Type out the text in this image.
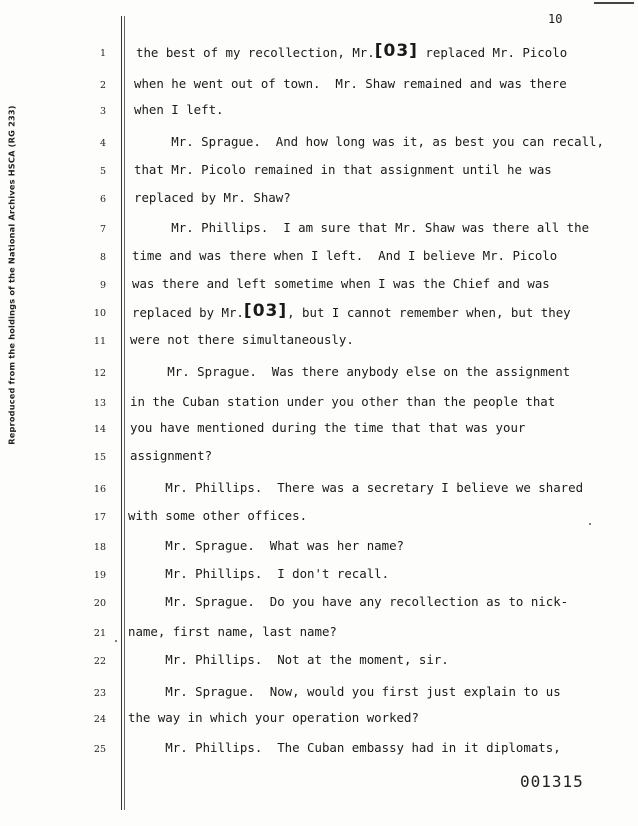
Reproduced from the holdings of the National Archives HSCA (RG 233)
10
1 the best of my recollection, Mr.[03] replaced Mr. Picolo
2 when he went out of town.  Mr. Shaw remained and was there
3 when I left.
4 Mr. Sprague.  And how long was it, as best you can recall,
5 that Mr. Picolo remained in that assignment until he was
6 replaced by Mr. Shaw?
7 Mr. Phillips.  I am sure that Mr. Shaw was there all the
8 time and was there when I left.  And I believe Mr. Picolo
9 was there and left sometime when I was the Chief and was
10 replaced by Mr.[03], but I cannot remember when, but they
11 were not there simultaneously.
12 Mr. Sprague.  Was there anybody else on the assignment
13 in the Cuban station under you other than the people that
14 you have mentioned during the time that that was your
15 assignment?
16 Mr. Phillips.  There was a secretary I believe we shared
17 with some other offices.
18 Mr. Sprague.  What was her name?
19 Mr. Phillips.  I don't recall.
20 Mr. Sprague.  Do you have any recollection as to nick-
21 name, first name, last name?
22 Mr. Phillips.  Not at the moment, sir.
23 Mr. Sprague.  Now, would you first just explain to us
24 the way in which your operation worked?
25 Mr. Phillips.  The Cuban embassy had in it diplomats,
001315
